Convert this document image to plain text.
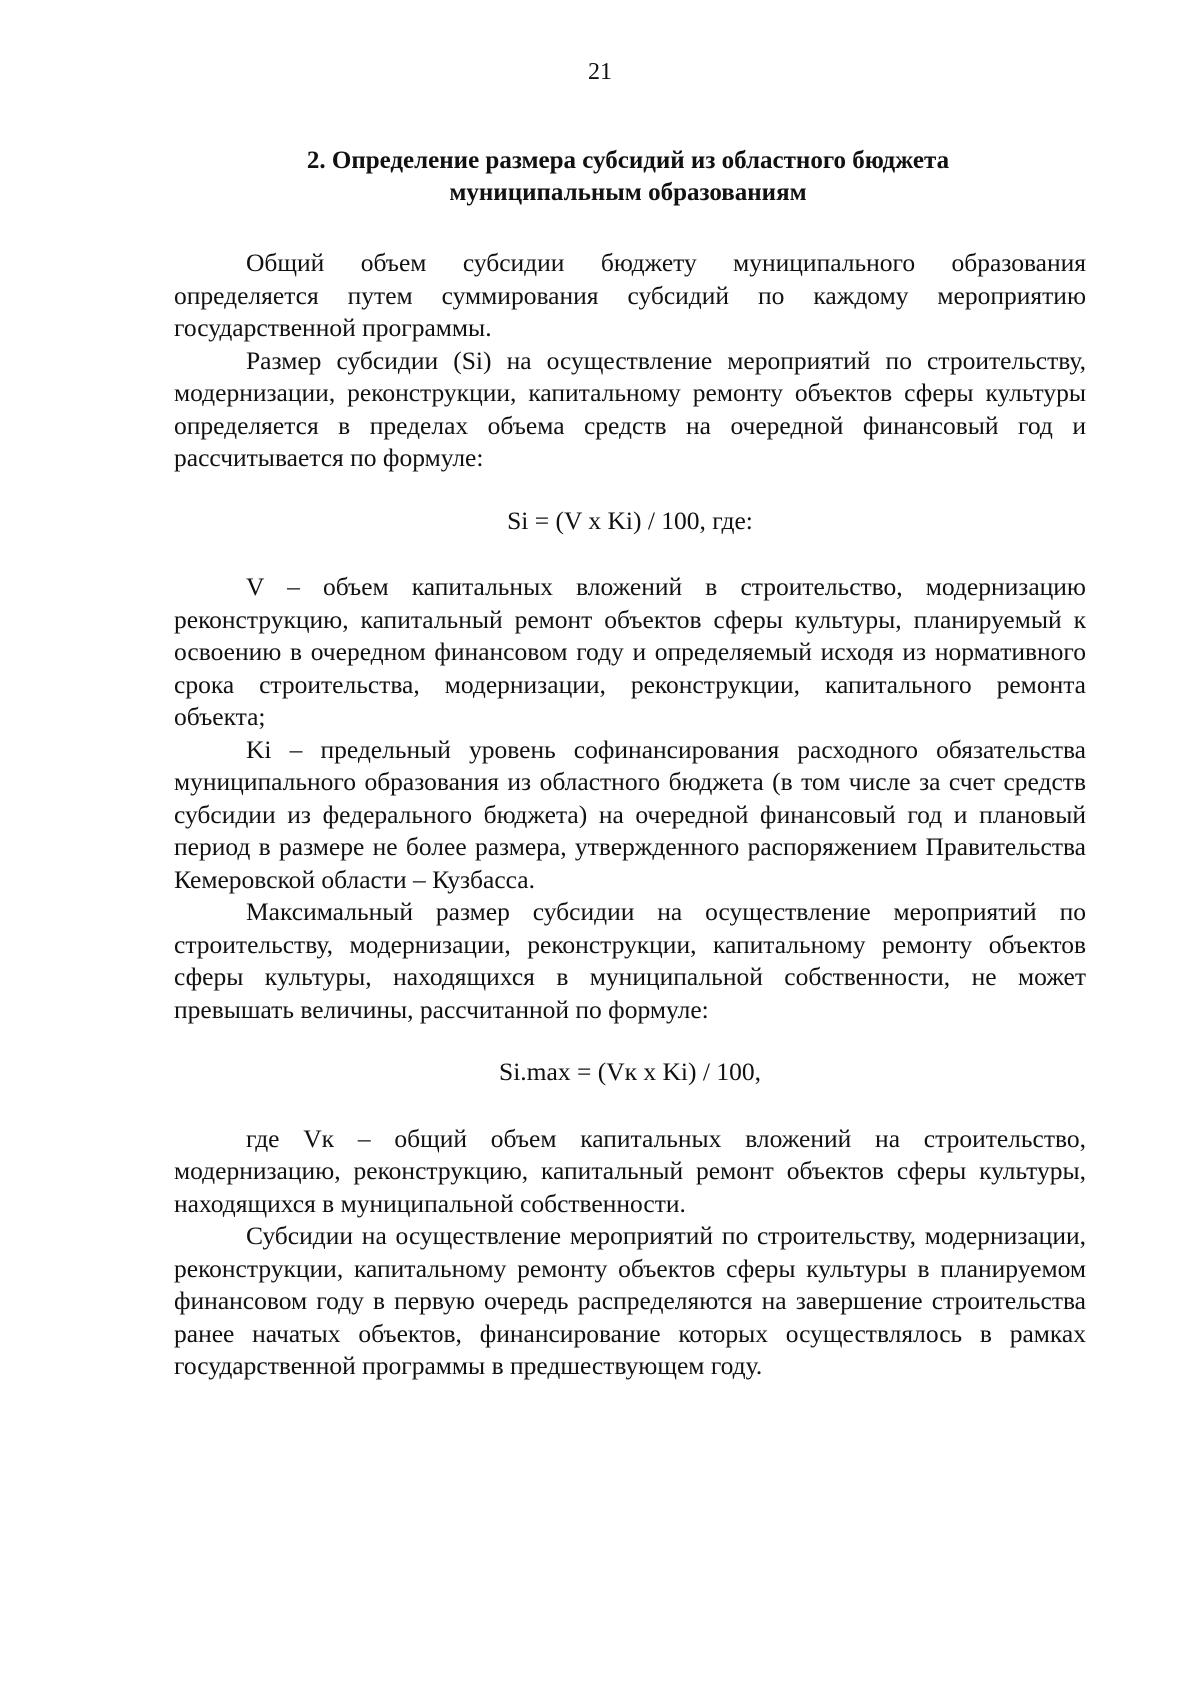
21
2. Определение размера субсидий из областного бюджета
муниципальным образованиям

Общий объем субсидии бюджету муниципального образования определяется путем суммирования субсидий по каждому мероприятию государственной программы.

Размер субсидии (Si) на осуществление мероприятий по строительству, модернизации, реконструкции, капитальному ремонту объектов сферы культуры определяется в пределах объема средств на очередной финансовый год и рассчитывается по формуле:

Si = (V x Ki) / 100, где:

V – объем капитальных вложений в строительство, модернизацию реконструкцию, капитальный ремонт объектов сферы культуры, планируемый к освоению в очередном финансовом году и определяемый исходя из нормативного срока строительства, модернизации, реконструкции, капитального ремонта объекта;

Ki – предельный уровень софинансирования расходного обязательства муниципального образования из областного бюджета (в том числе за счет средств субсидии из федерального бюджета) на очередной финансовый год и плановый период в размере не более размера, утвержденного распоряжением Правительства Кемеровской области – Кузбасса.

Максимальный размер субсидии на осуществление мероприятий по строительству, модернизации, реконструкции, капитальному ремонту объектов сферы культуры, находящихся в муниципальной собственности, не может превышать величины, рассчитанной по формуле:

Si.max = (Vк x Ki) / 100,

где Vк – общий объем капитальных вложений на строительство, модернизацию, реконструкцию, капитальный ремонт объектов сферы культуры, находящихся в муниципальной собственности.

Субсидии на осуществление мероприятий по строительству, модернизации, реконструкции, капитальному ремонту объектов сферы культуры в планируемом финансовом году в первую очередь распределяются на завершение строительства ранее начатых объектов, финансирование которых осуществлялось в рамках государственной программы в предшествующем году.
